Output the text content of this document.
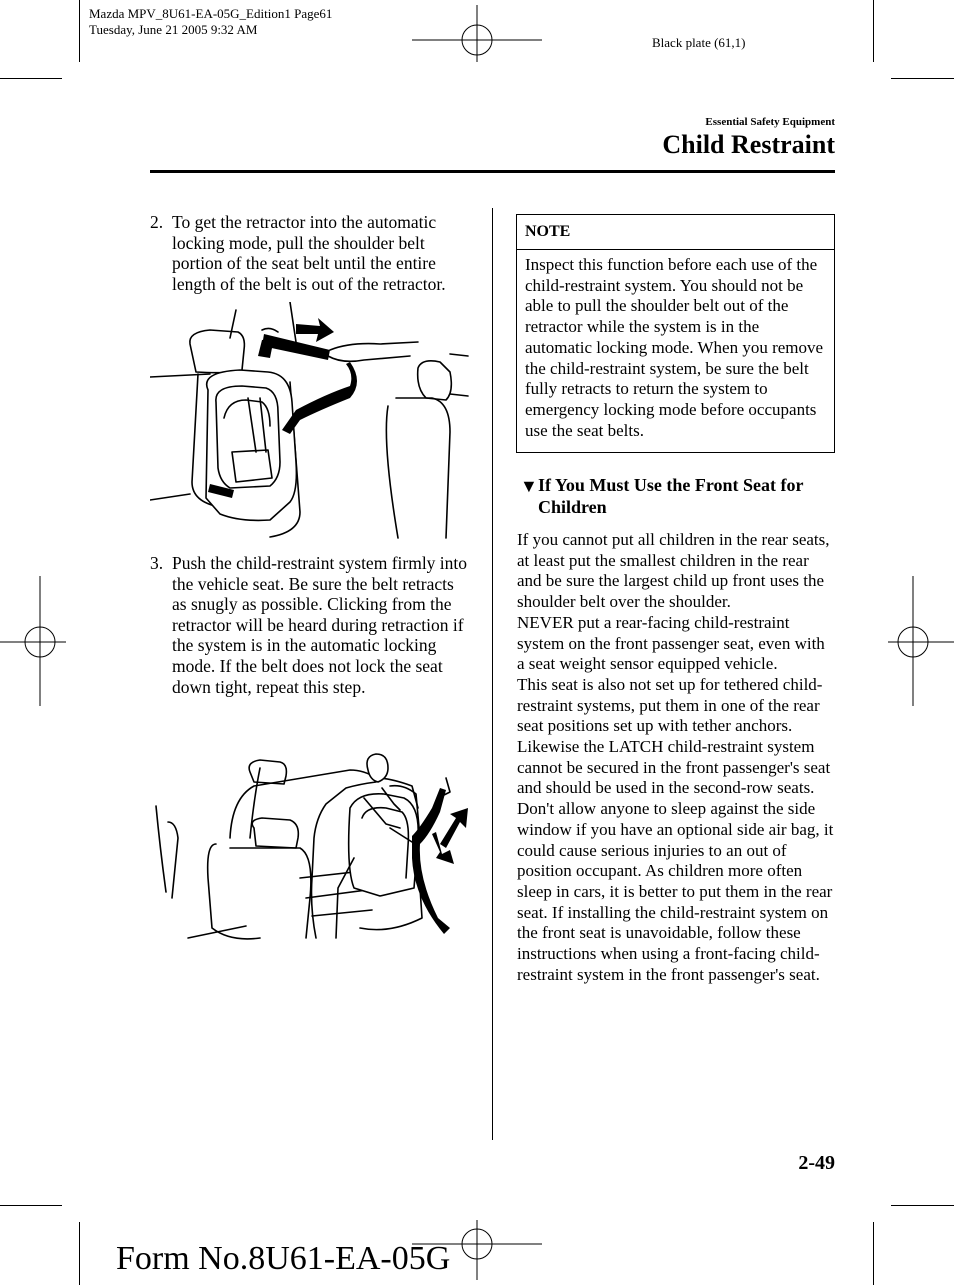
Mazda MPV_8U61-EA-05G_Edition1 Page61
Tuesday, June 21 2005 9:32 AM
Black plate (61,1)
Essential Safety Equipment
Child Restraint
2. To get the retractor into the automatic locking mode, pull the shoulder belt portion of the seat belt until the entire length of the belt is out of the retractor.
3. Push the child-restraint system firmly into the vehicle seat. Be sure the belt retracts as snugly as possible. Clicking from the retractor will be heard during retraction if the system is in the automatic locking mode. If the belt does not lock the seat down tight, repeat this step.
NOTE
Inspect this function before each use of the child-restraint system. You should not be able to pull the shoulder belt out of the retractor while the system is in the automatic locking mode. When you remove the child-restraint system, be sure the belt fully retracts to return the system to emergency locking mode before occupants use the seat belts.
▼ If You Must Use the Front Seat for Children

If you cannot put all children in the rear seats, at least put the smallest children in the rear and be sure the largest child up front uses the shoulder belt over the shoulder.

NEVER put a rear-facing child-restraint system on the front passenger seat, even with a seat weight sensor equipped vehicle.

This seat is also not set up for tethered child-restraint systems, put them in one of the rear seat positions set up with tether anchors.

Likewise the LATCH child-restraint system cannot be secured in the front passenger's seat and should be used in the second-row seats.

Don't allow anyone to sleep against the side window if you have an optional side air bag, it could cause serious injuries to an out of position occupant. As children more often sleep in cars, it is better to put them in the rear seat. If installing the child-restraint system on the front seat is unavoidable, follow these instructions when using a front-facing child-restraint system in the front passenger's seat.

2-49
Form No.8U61-EA-05G
